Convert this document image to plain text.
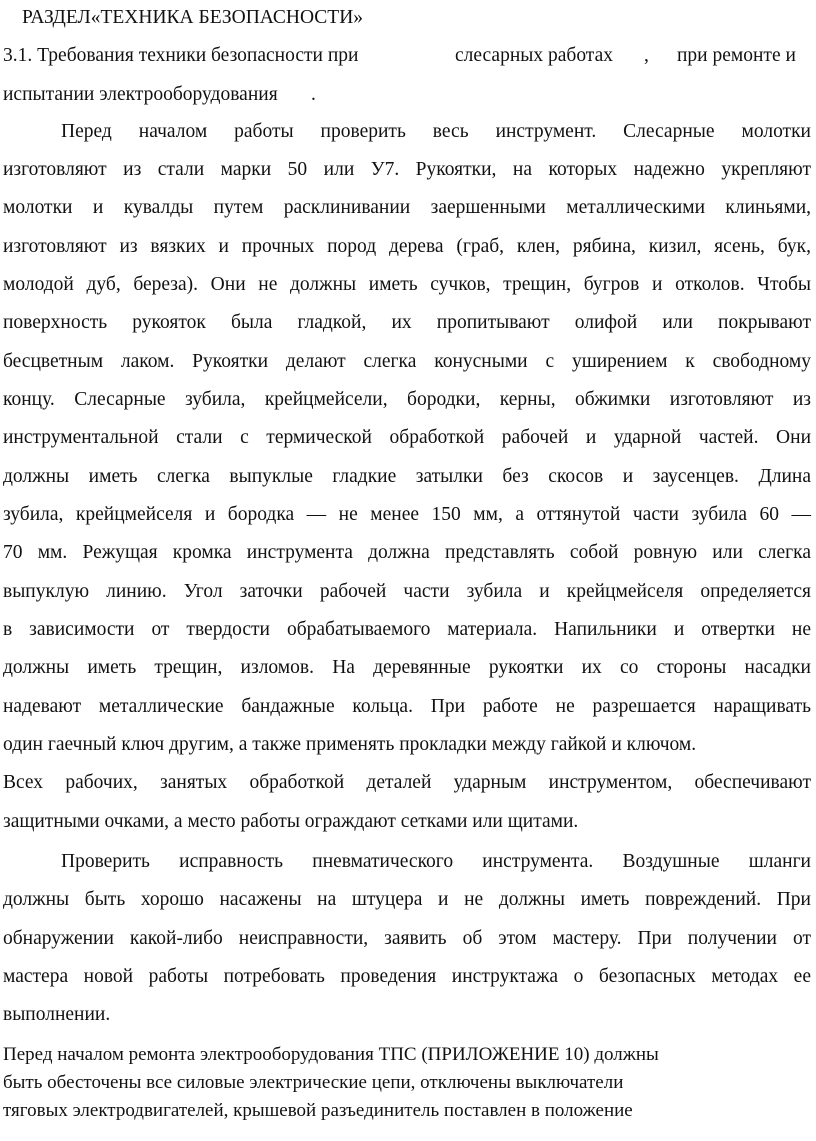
РАЗДЕЛ«ТЕХНИКА БЕЗОПАСНОСТИ»
3.1. Требования техники безопасности при	слесарных работах , при ремонте и
испытании электрооборудования .
Перед началом работы проверить весь инструмент. Слесарные молотки
изготовляют из стали марки 50 или У7. Рукоятки, на которых надежно укрепляют
молотки и кувалды путем расклинивании заершенными металлическими клиньями,
изготовляют из вязких и прочных пород дерева (граб, клен, рябина, кизил, ясень, бук,
молодой дуб, береза). Они не должны иметь сучков, трещин, бугров и отколов. Чтобы
поверхность рукояток была гладкой, их пропитывают олифой или покрывают
бесцветным лаком. Рукоятки делают слегка конусными с уширением к свободному
концу. Слесарные зубила, крейцмейсели, бородки, керны, обжимки изготовляют из
инструментальной стали с термической обработкой рабочей и ударной частей. Они
должны иметь слегка выпуклые гладкие затылки без скосов и заусенцев. Длина
зубила, крейцмейселя и бородка — не менее 150 мм, а оттянутой части зубила 60 —
70 мм. Режущая кромка инструмента должна представлять собой ровную или слегка
выпуклую линию. Угол заточки рабочей части зубила и крейцмейселя определяется
в зависимости от твердости обрабатываемого материала. Напильники и отвертки не
должны иметь трещин, изломов. На деревянные рукоятки их со стороны насадки
надевают металлические бандажные кольца. При работе не разрешается наращивать
один гаечный ключ другим, а также применять прокладки между гайкой и ключом.
Всех рабочих, занятых обработкой деталей ударным инструментом, обеспечивают
защитными очками, а место работы ограждают сетками или щитами.
Проверить исправность пневматического инструмента. Воздушные шланги
должны быть хорошо насажены на штуцера и не должны иметь повреждений. При
обнаружении какой-либо неисправности, заявить об этом мастеру. При получении от
мастера новой работы потребовать проведения инструктажа о безопасных методах ее
выполнении.
Перед началом ремонта электрооборудования ТПС (ПРИЛОЖЕНИЕ 10) должны
быть обесточены все силовые электрические цепи, отключены выключатели
тяговых электродвигателей, крышевой разъединитель поставлен в положение
